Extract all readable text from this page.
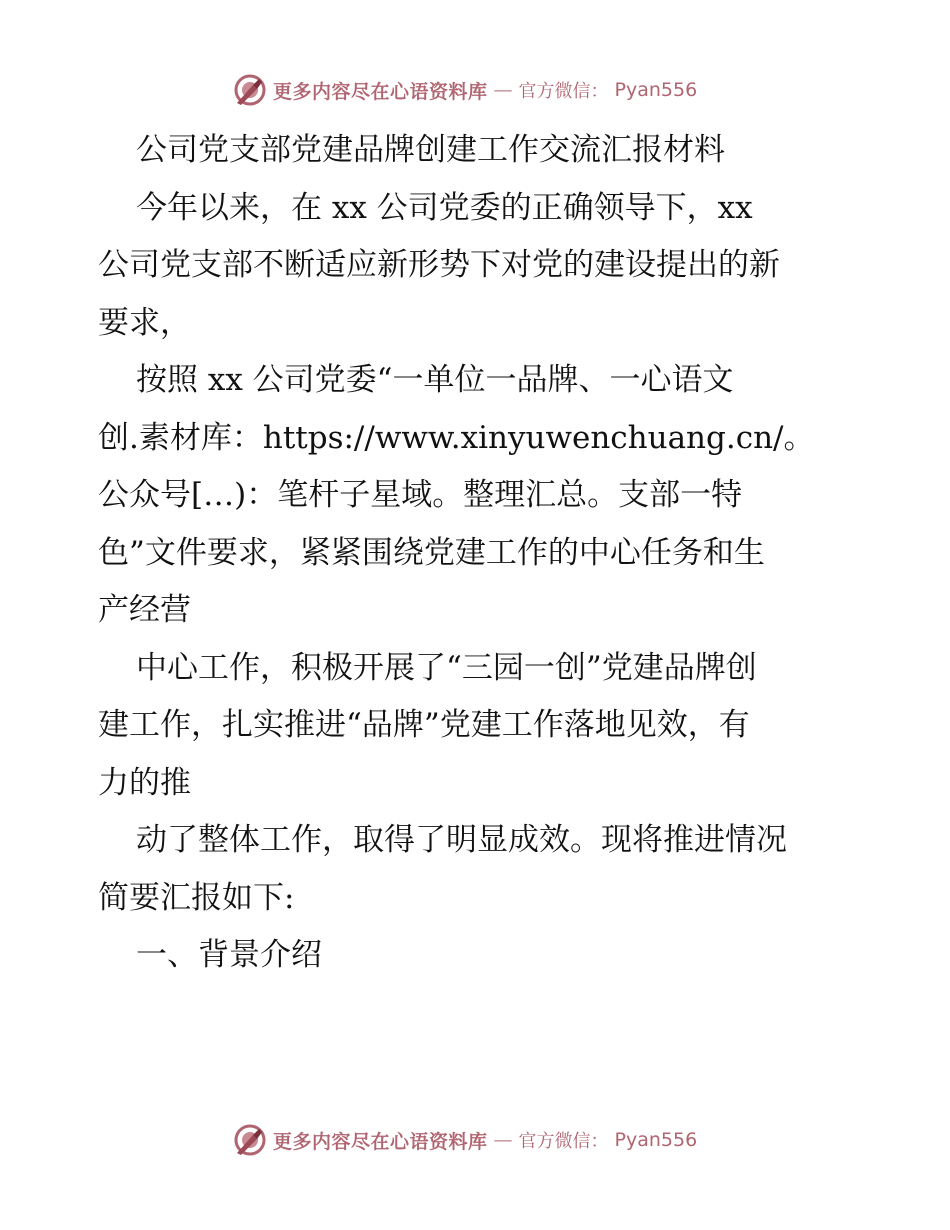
更多内容尽在心语资料库 — 官方微信： Pyan556
公司党支部党建品牌创建工作交流汇报材料
今年以来，在 xx 公司党委的正确领导下，xx
公司党支部不断适应新形势下对党的建设提出的新
要求，
按照 xx 公司党委“一单位一品牌、一心语文
创.素材库：https://www.xinyuwenchuang.cn/。
公众号[…)：笔杆子星域。整理汇总。支部一特
色”文件要求，紧紧围绕党建工作的中心任务和生
产经营
中心工作，积极开展了“三园一创”党建品牌创
建工作，扎实推进“品牌”党建工作落地见效，有
力的推
动了整体工作，取得了明显成效。现将推进情况
简要汇报如下:
一、背景介绍
更多内容尽在心语资料库 — 官方微信： Pyan556
